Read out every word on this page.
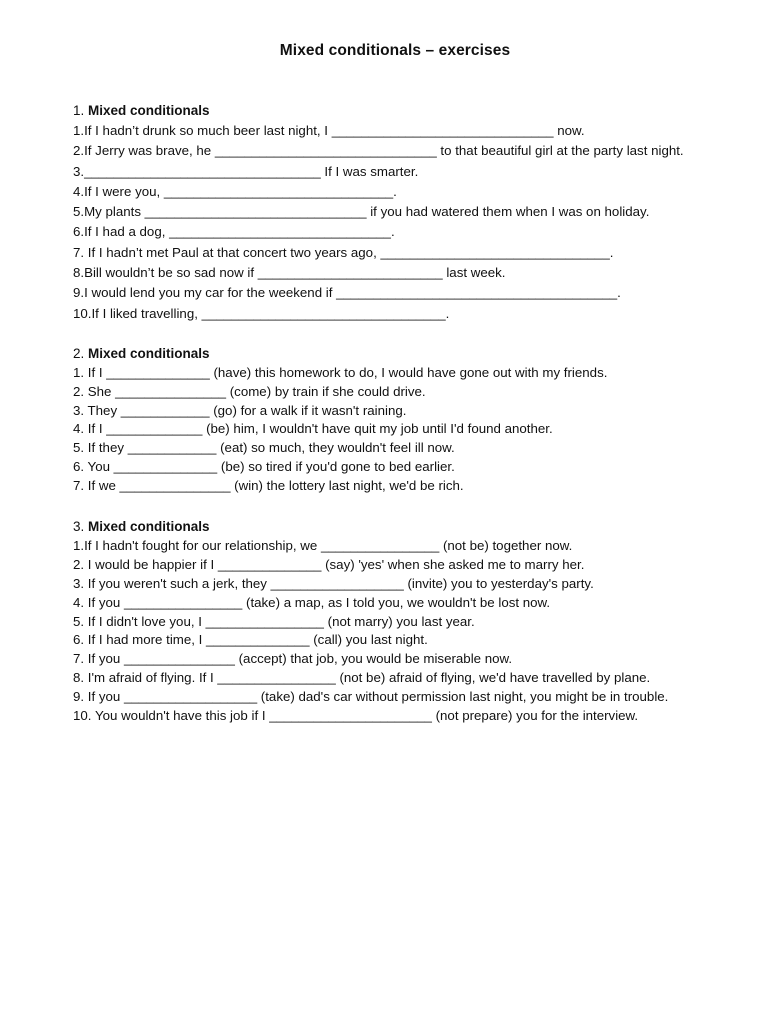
Mixed conditionals – exercises
1. Mixed conditionals
1.If I hadn’t drunk so much beer last night, I ______________________________ now.
2.If Jerry was brave, he ______________________________ to that beautiful girl at the party last night.
3.________________________________ If I was smarter.
4.If I were you, _______________________________.
5.My plants ______________________________ if you had watered them when I was on holiday.
6.If I had a dog, ______________________________.
7. If I hadn’t met Paul at that concert two years ago, _______________________________.
8.Bill wouldn’t be so sad now if _________________________ last week.
9.I would lend you my car for the weekend if ______________________________________.
10.If I liked travelling, _________________________________.
2. Mixed conditionals
1. If I ______________ (have) this homework to do, I would have gone out with my friends.
2. She _______________ (come) by train if she could drive.
3. They ____________ (go) for a walk if it wasn't raining.
4. If I _____________ (be) him, I wouldn't have quit my job until I'd found another.
5. If they ____________ (eat) so much, they wouldn't feel ill now.
6. You ______________ (be) so tired if you'd gone to bed earlier.
7. If we _______________ (win) the lottery last night, we'd be rich.
3. Mixed conditionals
1.If I hadn't fought for our relationship, we ________________ (not be) together now.
2. I would be happier if I ______________ (say) 'yes' when she asked me to marry her.
3. If you weren't such a jerk, they __________________ (invite) you to yesterday's party.
4. If you ________________ (take) a map, as I told you, we wouldn't be lost now.
5. If I didn't love you, I ________________ (not marry) you last year.
6. If I had more time, I ______________ (call) you last night.
7. If you _______________ (accept) that job, you would be miserable now.
8. I'm afraid of flying. If I ________________ (not be) afraid of flying, we'd have travelled by plane.
9. If you __________________ (take) dad's car without permission last night, you might be in trouble.
10. You wouldn't have this job if I ______________________ (not prepare) you for the interview.
